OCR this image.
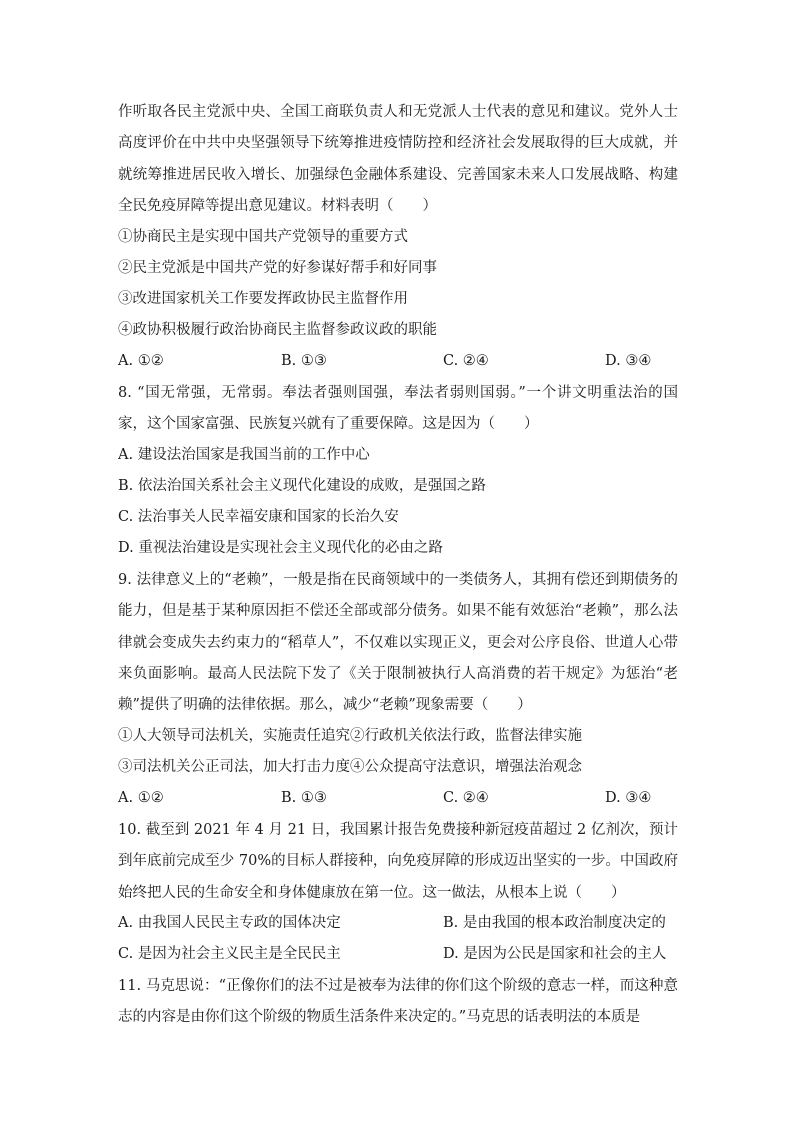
作听取各民主党派中央、全国工商联负责人和无党派人士代表的意见和建议。党外人士高度评价在中共中央坚强领导下统筹推进疫情防控和经济社会发展取得的巨大成就，并就统筹推进居民收入增长、加强绿色金融体系建设、完善国家未来人口发展战略、构建全民免疫屏障等提出意见建议。材料表明（　　）

①协商民主是实现中国共产党领导的重要方式
②民主党派是中国共产党的好参谋好帮手和好同事
③改进国家机关工作要发挥政协民主监督作用
④政协积极履行政治协商民主监督参政议政的职能
A. ①②	B. ①③	C. ②④	D. ③④

8. “国无常强，无常弱。奉法者强则国强，奉法者弱则国弱。”一个讲文明重法治的国家，这个国家富强、民族复兴就有了重要保障。这是因为（　　）

A. 建设法治国家是我国当前的工作中心
B. 依法治国关系社会主义现代化建设的成败，是强国之路
C. 法治事关人民幸福安康和国家的长治久安
D. 重视法治建设是实现社会主义现代化的必由之路

9. 法律意义上的“老赖”，一般是指在民商领域中的一类债务人，其拥有偿还到期债务的能力，但是基于某种原因拒不偿还全部或部分债务。如果不能有效惩治“老赖”，那么法律就会变成失去约束力的“稻草人”，不仅难以实现正义，更会对公序良俗、世道人心带来负面影响。最高人民法院下发了《关于限制被执行人高消费的若干规定》为惩治“老赖”提供了明确的法律依据。那么，减少“老赖”现象需要（　　）

①人大领导司法机关，实施责任追究②行政机关依法行政，监督法律实施
③司法机关公正司法，加大打击力度④公众提高守法意识，增强法治观念
A. ①②	B. ①③	C. ②④	D. ③④

10. 截至到 2021 年 4 月 21 日，我国累计报告免费接种新冠疫苗超过 2 亿剂次，预计到年底前完成至少 70%的目标人群接种，向免疫屏障的形成迈出坚实的一步。中国政府始终把人民的生命安全和身体健康放在第一位。这一做法，从根本上说（　　）

A. 由我国人民民主专政的国体决定	B. 是由我国的根本政治制度决定的
C. 是因为社会主义民主是全民民主	D. 是因为公民是国家和社会的主人

11. 马克思说：“正像你们的法不过是被奉为法律的你们这个阶级的意志一样，而这种意志的内容是由你们这个阶级的物质生活条件来决定的。”马克思的话表明法的本质是
